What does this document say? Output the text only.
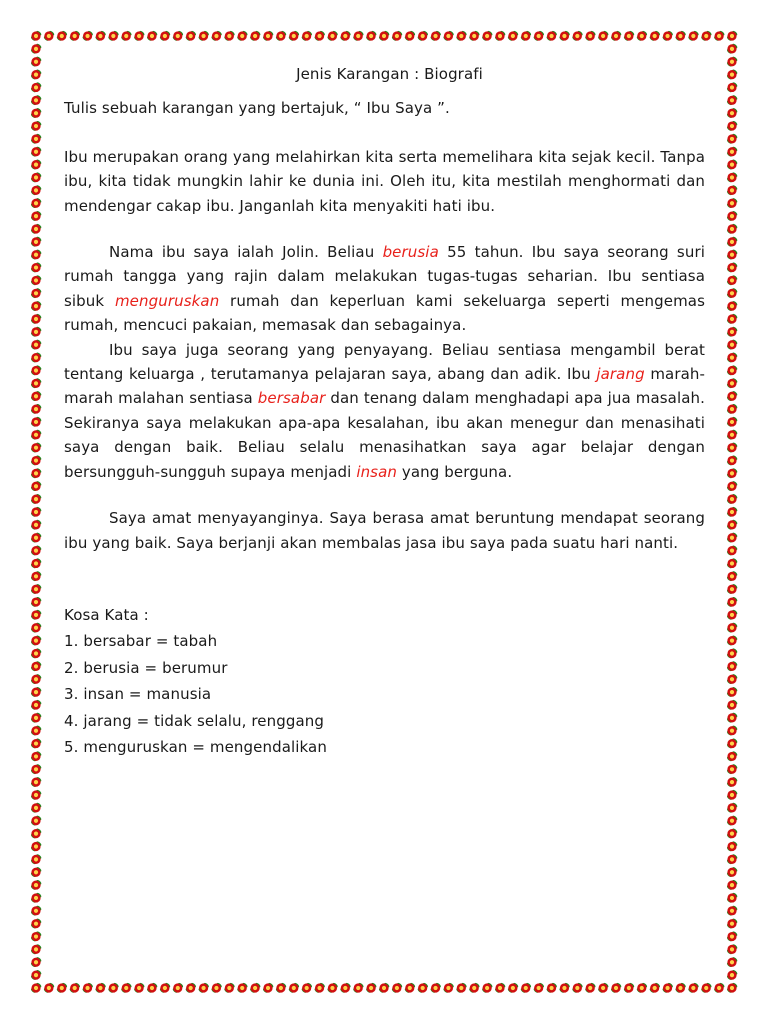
Jenis Karangan : Biografi

Tulis sebuah karangan yang bertajuk, “ Ibu Saya ”.

Ibu merupakan orang yang melahirkan kita serta memelihara kita sejak kecil. Tanpa ibu, kita tidak mungkin lahir ke dunia ini. Oleh itu, kita mestilah menghormati dan mendengar cakap ibu. Janganlah kita menyakiti hati ibu.

Nama ibu saya ialah Jolin. Beliau berusia 55 tahun. Ibu saya seorang suri rumah tangga yang rajin dalam melakukan tugas-tugas seharian. Ibu sentiasa sibuk menguruskan rumah dan keperluan kami sekeluarga seperti mengemas rumah, mencuci pakaian, memasak dan sebagainya.

Ibu saya juga seorang yang penyayang. Beliau sentiasa mengambil berat tentang keluarga , terutamanya pelajaran saya, abang dan adik. Ibu jarang marah-marah malahan sentiasa bersabar dan tenang dalam menghadapi apa jua masalah. Sekiranya saya melakukan apa-apa kesalahan, ibu akan menegur dan menasihati saya dengan baik. Beliau selalu menasihatkan saya agar belajar dengan bersungguh-sungguh supaya menjadi insan yang berguna.

Saya amat menyayanginya. Saya berasa amat beruntung mendapat seorang ibu yang baik. Saya berjanji akan membalas jasa ibu saya pada suatu hari nanti.

Kosa Kata :

1. bersabar = tabah
2. berusia = berumur
3. insan = manusia
4. jarang = tidak selalu, renggang
5. menguruskan = mengendalikan
